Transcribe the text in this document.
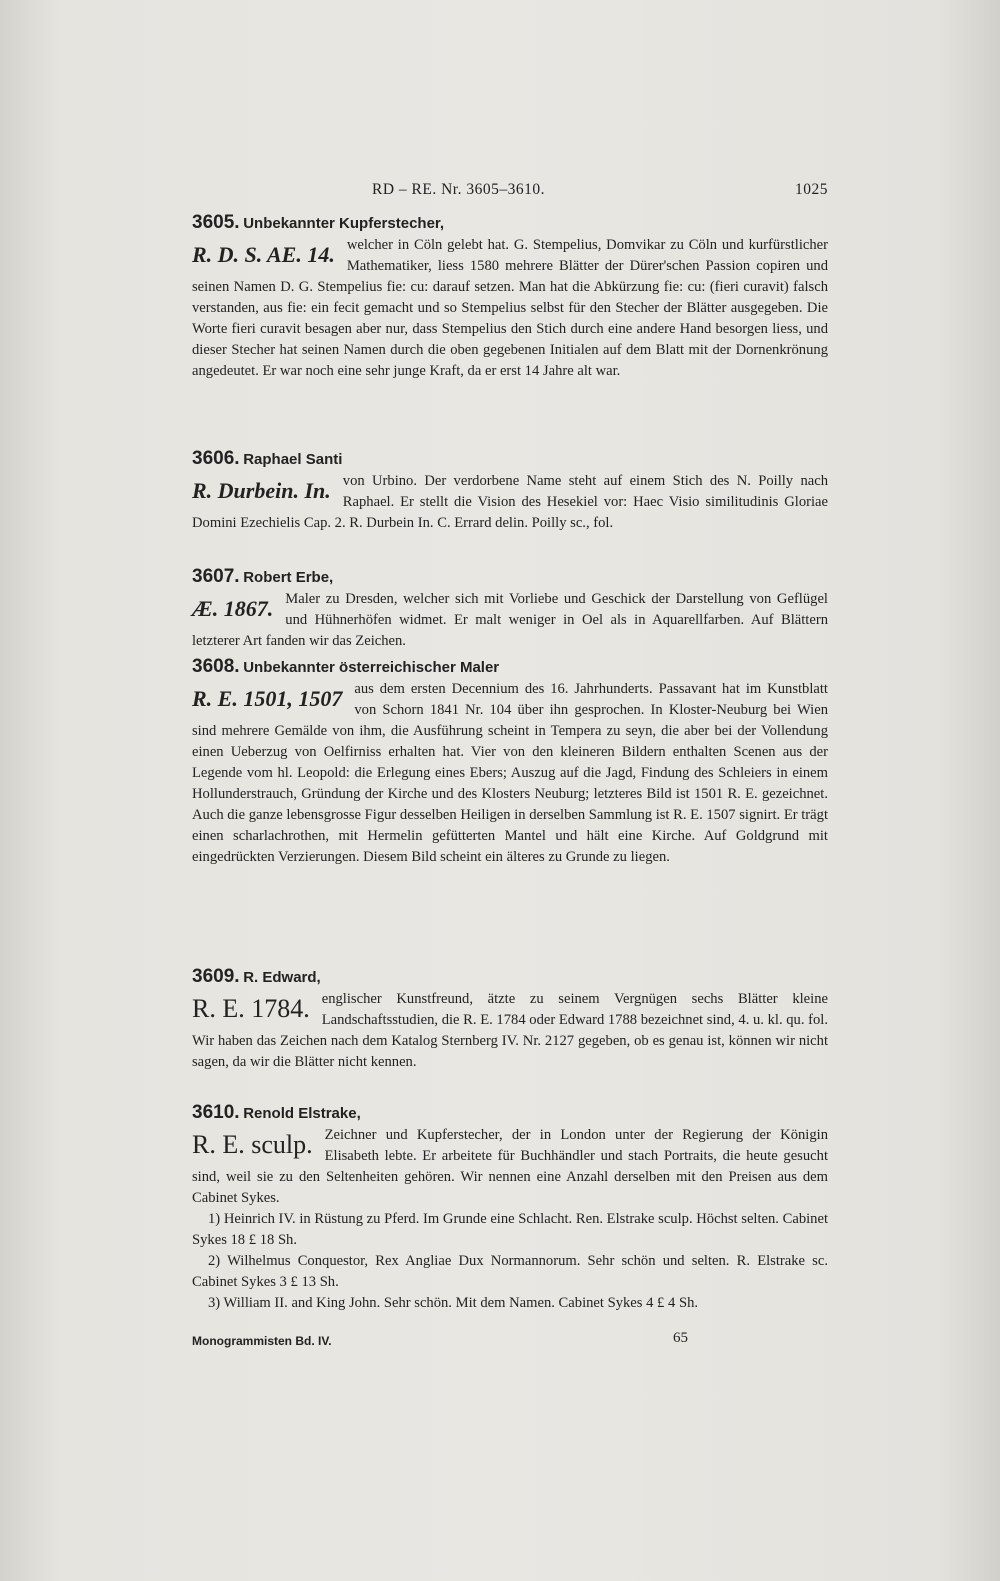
RD – RE. Nr. 3605–3610.	1025

3605. Unbekannter Kupferstecher,

R. D. S. AE. 14. welcher in Cöln gelebt hat. G. Stempelius, Domvikar zu Cöln und kurfürstlicher Mathematiker, liess 1580 mehrere Blätter der Dürer'schen Passion copiren und seinen Namen D. G. Stempelius fie: cu: darauf setzen. Man hat die Abkürzung fie: cu: (fieri curavit) falsch verstanden, aus fie: ein fecit gemacht und so Stempelius selbst für den Stecher der Blätter ausgegeben. Die Worte fieri curavit besagen aber nur, dass Stempelius den Stich durch eine andere Hand besorgen liess, und dieser Stecher hat seinen Namen durch die oben gegebenen Initialen auf dem Blatt mit der Dornenkrönung angedeutet. Er war noch eine sehr junge Kraft, da er erst 14 Jahre alt war.

3606. Raphael Santi

R. Durbein. In. von Urbino. Der verdorbene Name steht auf einem Stich des N. Poilly nach Raphael. Er stellt die Vision des Hesekiel vor: Haec Visio similitudinis Gloriae Domini Ezechielis Cap. 2. R. Durbein In. C. Errard delin. Poilly sc., fol.

3607. Robert Erbe,

Æ. 1867. Maler zu Dresden, welcher sich mit Vorliebe und Geschick der Darstellung von Geflügel und Hühnerhöfen widmet. Er malt weniger in Oel als in Aquarellfarben. Auf Blättern letzterer Art fanden wir das Zeichen.

3608. Unbekannter österreichischer Maler

R. E. 1501, 1507 aus dem ersten Decennium des 16. Jahrhunderts. Passavant hat im Kunstblatt von Schorn 1841 Nr. 104 über ihn gesprochen. In Kloster-Neuburg bei Wien sind mehrere Gemälde von ihm, die Ausführung scheint in Tempera zu seyn, die aber bei der Vollendung einen Ueberzug von Oelfirniss erhalten hat. Vier von den kleineren Bildern enthalten Scenen aus der Legende vom hl. Leopold: die Erlegung eines Ebers; Auszug auf die Jagd, Findung des Schleiers in einem Hollunderstrauch, Gründung der Kirche und des Klosters Neuburg; letzteres Bild ist 1501 R. E. gezeichnet. Auch die ganze lebensgrosse Figur desselben Heiligen in derselben Sammlung ist R. E. 1507 signirt. Er trägt einen scharlachrothen, mit Hermelin gefütterten Mantel und hält eine Kirche. Auf Goldgrund mit eingedrückten Verzierungen. Diesem Bild scheint ein älteres zu Grunde zu liegen.

3609. R. Edward,

R. E. 1784. englischer Kunstfreund, ätzte zu seinem Vergnügen sechs Blätter kleine Landschaftsstudien, die R. E. 1784 oder Edward 1788 bezeichnet sind, 4. u. kl. qu. fol. Wir haben das Zeichen nach dem Katalog Sternberg IV. Nr. 2127 gegeben, ob es genau ist, können wir nicht sagen, da wir die Blätter nicht kennen.

3610. Renold Elstrake,

R. E. sculp. Zeichner und Kupferstecher, der in London unter der Regierung der Königin Elisabeth lebte. Er arbeitete für Buchhändler und stach Portraits, die heute gesucht sind, weil sie zu den Seltenheiten gehören. Wir nennen eine Anzahl derselben mit den Preisen aus dem Cabinet Sykes.

1) Heinrich IV. in Rüstung zu Pferd. Im Grunde eine Schlacht. Ren. Elstrake sculp. Höchst selten. Cabinet Sykes 18 £ 18 Sh.

2) Wilhelmus Conquestor, Rex Angliae Dux Normannorum. Sehr schön und selten. R. Elstrake sc. Cabinet Sykes 3 £ 13 Sh.

3) William II. and King John. Sehr schön. Mit dem Namen. Cabinet Sykes 4 £ 4 Sh.

Monogrammisten Bd. IV.	65
